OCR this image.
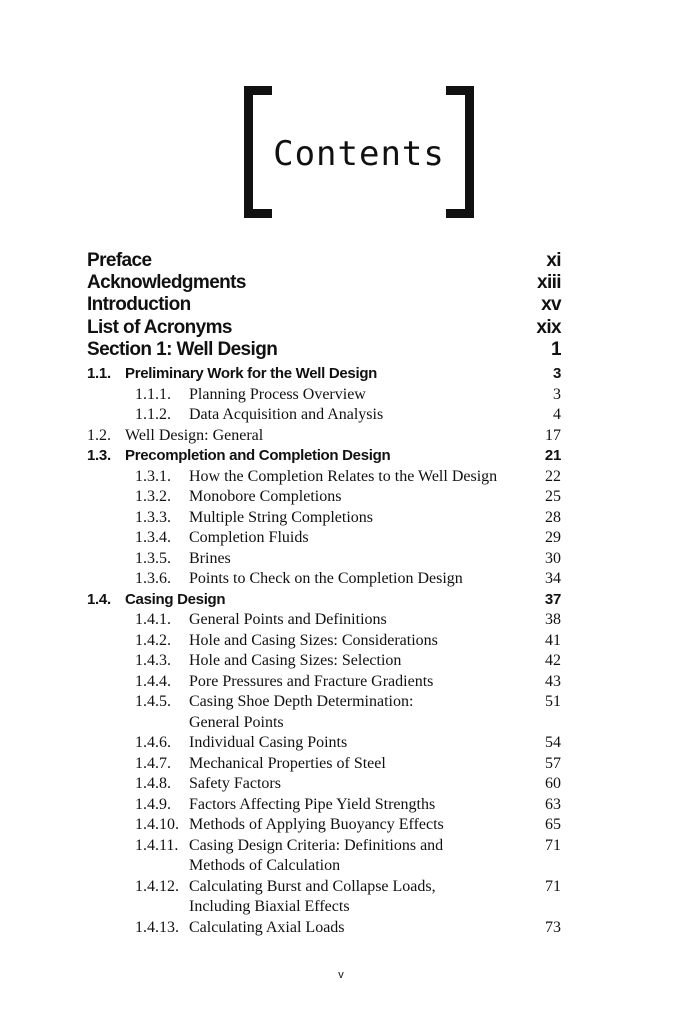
Contents
Preface	xi
Acknowledgments	xiii
Introduction	xv
List of Acronyms	xix
Section 1: Well Design	1
1.1. Preliminary Work for the Well Design	3
1.1.1. Planning Process Overview	3
1.1.2. Data Acquisition and Analysis	4
1.2. Well Design: General	17
1.3. Precompletion and Completion Design	21
1.3.1. How the Completion Relates to the Well Design	22
1.3.2. Monobore Completions	25
1.3.3. Multiple String Completions	28
1.3.4. Completion Fluids	29
1.3.5. Brines	30
1.3.6. Points to Check on the Completion Design	34
1.4. Casing Design	37
1.4.1. General Points and Definitions	38
1.4.2. Hole and Casing Sizes: Considerations	41
1.4.3. Hole and Casing Sizes: Selection	42
1.4.4. Pore Pressures and Fracture Gradients	43
1.4.5. Casing Shoe Depth Determination:	51
General Points
1.4.6. Individual Casing Points	54
1.4.7. Mechanical Properties of Steel	57
1.4.8. Safety Factors	60
1.4.9. Factors Affecting Pipe Yield Strengths	63
1.4.10. Methods of Applying Buoyancy Effects	65
1.4.11. Casing Design Criteria: Definitions and	71
Methods of Calculation
1.4.12. Calculating Burst and Collapse Loads,	71
Including Biaxial Effects
1.4.13. Calculating Axial Loads	73
v
